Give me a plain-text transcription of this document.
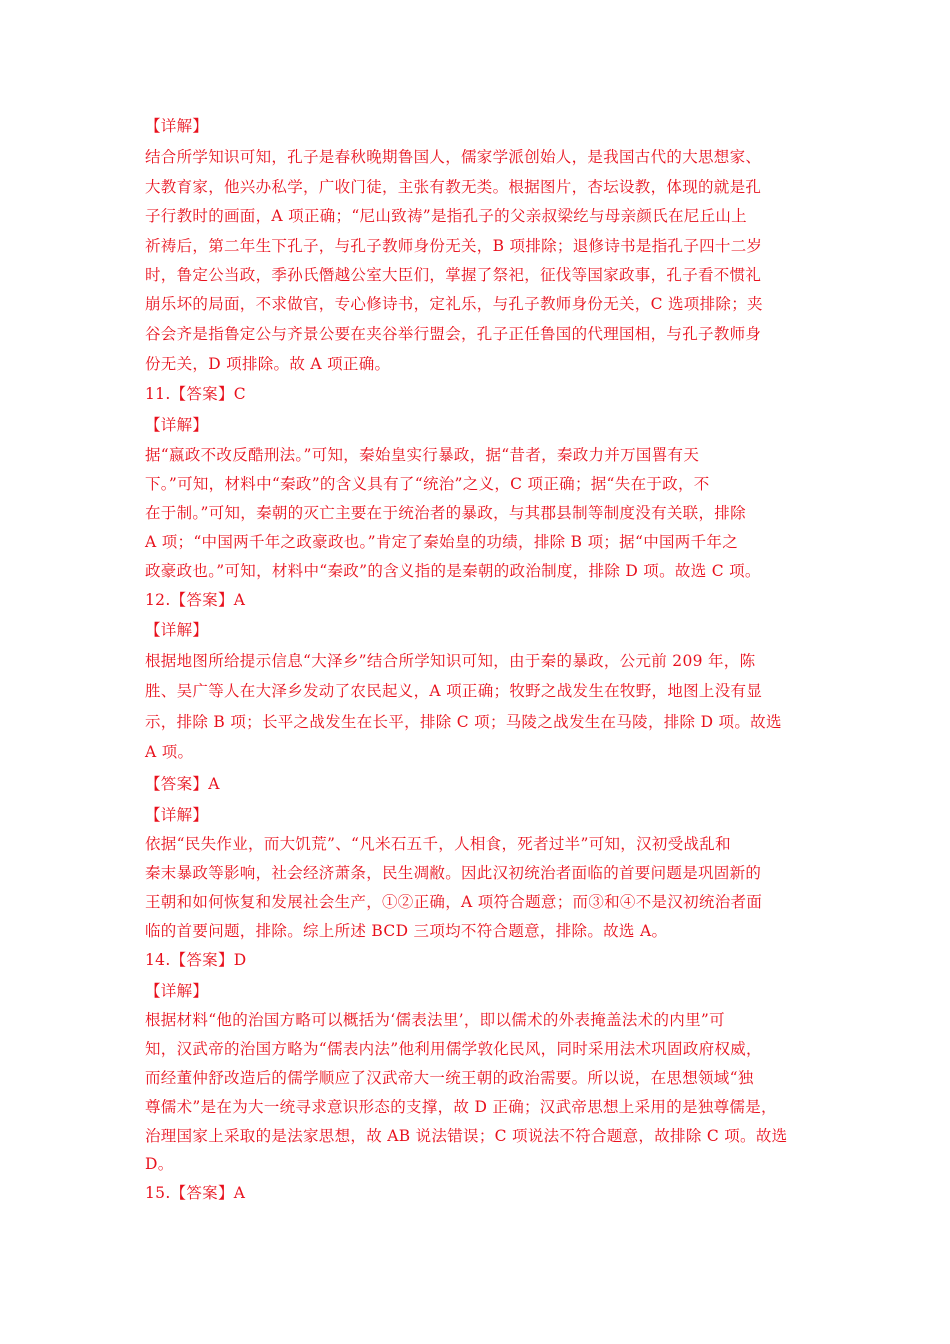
【详解】
结合所学知识可知，孔子是春秋晚期鲁国人，儒家学派创始人，是我国古代的大思想家、
大教育家，他兴办私学，广收门徒，主张有教无类。根据图片，杏坛设教，体现的就是孔
子行教时的画面，A 项正确；“尼山致祷”是指孔子的父亲叔梁纥与母亲颜氏在尼丘山上
祈祷后，第二年生下孔子，与孔子教师身份无关，B 项排除；退修诗书是指孔子四十二岁
时，鲁定公当政，季孙氏僭越公室大臣们，掌握了祭祀，征伐等国家政事，孔子看不惯礼
崩乐坏的局面，不求做官，专心修诗书，定礼乐，与孔子教师身份无关，C 选项排除；夹
谷会齐是指鲁定公与齐景公要在夹谷举行盟会，孔子正任鲁国的代理国相，与孔子教师身
份无关，D 项排除。故 A 项正确。
11.【答案】C
【详解】
据“嬴政不改反酷刑法。”可知，秦始皇实行暴政，据“昔者，秦政力并万国嘼有天
下。”可知，材料中“秦政”的含义具有了“统治”之义，C 项正确；据“失在于政，不
在于制。”可知，秦朝的灭亡主要在于统治者的暴政，与其郡县制等制度没有关联，排除
A 项；“中国两千年之政豪政也。”肯定了秦始皇的功绩，排除 B 项；据“中国两千年之
政豪政也。”可知，材料中“秦政”的含义指的是秦朝的政治制度，排除 D 项。故选 C 项。
12.【答案】A
【详解】
根据地图所给提示信息“大泽乡”结合所学知识可知，由于秦的暴政，公元前 209 年，陈
胜、吴广等人在大泽乡发动了农民起义，A 项正确；牧野之战发生在牧野，地图上没有显
示，排除 B 项；长平之战发生在长平，排除 C 项；马陵之战发生在马陵，排除 D 项。故选
A 项。
【答案】A
【详解】
依据“民失作业，而大饥荒”、“凡米石五千，人相食，死者过半”可知，汉初受战乱和
秦末暴政等影响，社会经济萧条，民生凋敝。因此汉初统治者面临的首要问题是巩固新的
王朝和如何恢复和发展社会生产，①②正确，A 项符合题意；而③和④不是汉初统治者面
临的首要问题，排除。综上所述 BCD 三项均不符合题意，排除。故选 A。
14.【答案】D
【详解】
根据材料“他的治国方略可以概括为‘儒表法里’，即以儒术的外表掩盖法术的内里”可
知，汉武帝的治国方略为“儒表内法”他利用儒学敦化民风，同时采用法术巩固政府权威，
而经董仲舒改造后的儒学顺应了汉武帝大一统王朝的政治需要。所以说，在思想领域“独
尊儒术”是在为大一统寻求意识形态的支撑，故 D 正确；汉武帝思想上采用的是独尊儒是，
治理国家上采取的是法家思想，故 AB 说法错误；C 项说法不符合题意，故排除 C 项。故选
D。
15.【答案】A
